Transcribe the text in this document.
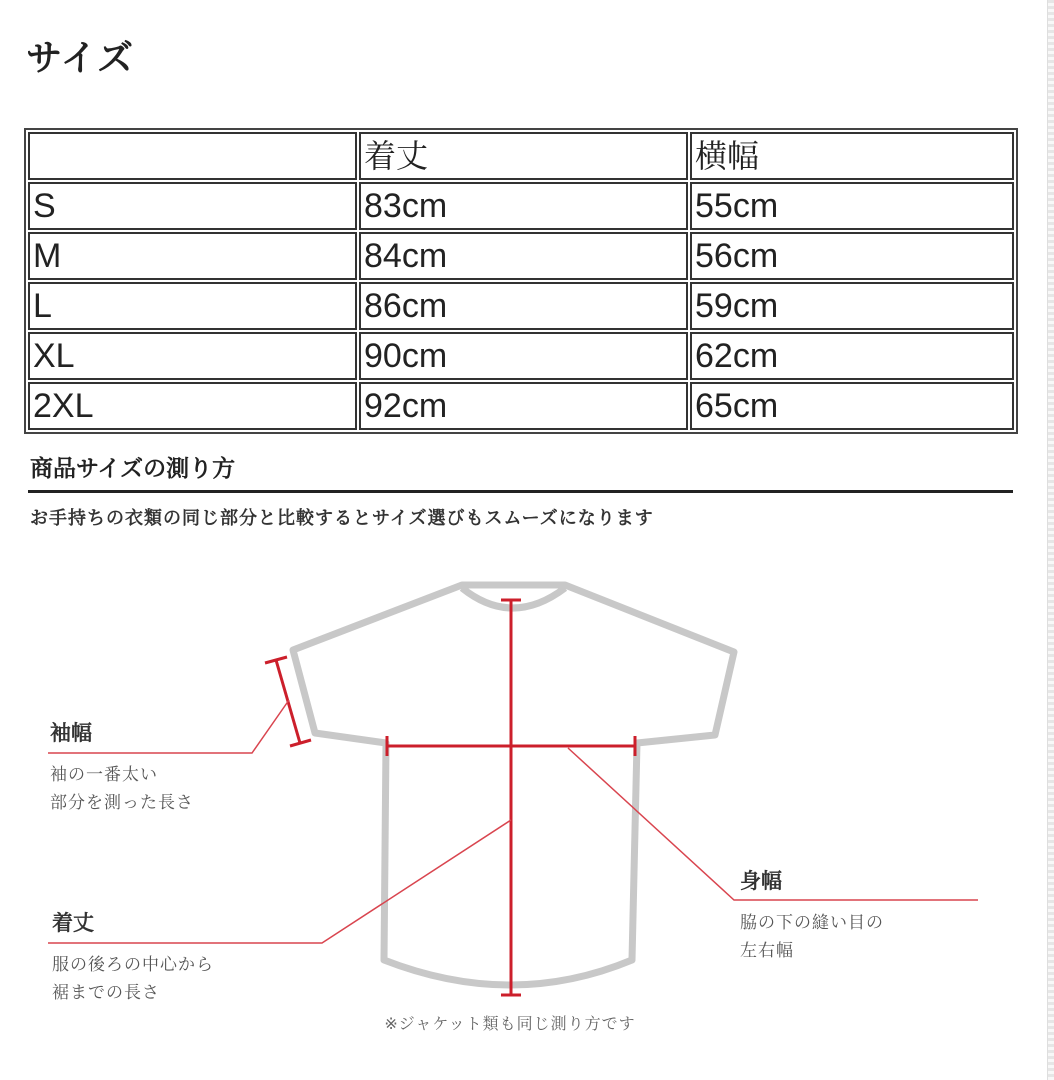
サイズ
	着丈	横幅
S	83cm	55cm
M	84cm	56cm
L	86cm	59cm
XL	90cm	62cm
2XL	92cm	65cm
商品サイズの測り方
お手持ちの衣類の同じ部分と比較するとサイズ選びもスムーズになります
袖幅
袖の一番太い
部分を測った長さ
着丈
服の後ろの中心から
裾までの長さ
身幅
脇の下の縫い目の
左右幅
※ジャケット類も同じ測り方です
